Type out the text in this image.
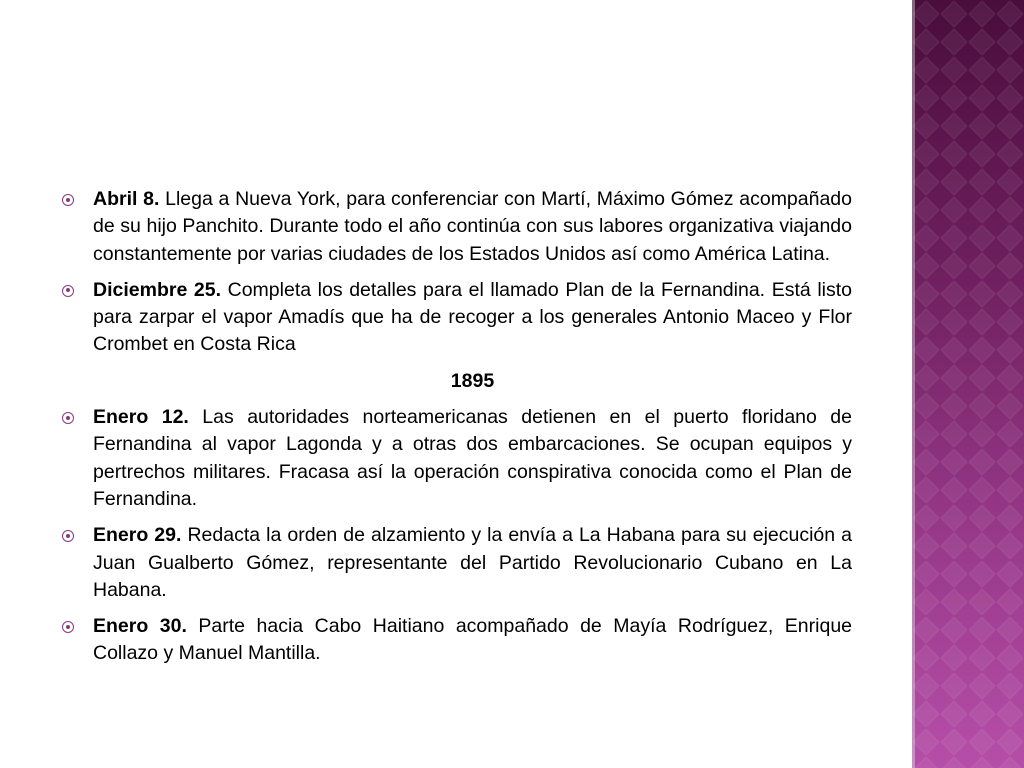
Abril 8. Llega a Nueva York, para conferenciar con Martí, Máximo Gómez acompañado de su hijo Panchito. Durante todo el año continúa con sus labores organizativa viajando constantemente por varias ciudades de los Estados Unidos así como América Latina.
Diciembre 25. Completa los detalles para el llamado Plan de la Fernandina. Está listo para zarpar el vapor Amadís que ha de recoger a los generales Antonio Maceo y Flor Crombet en Costa Rica
1895
Enero 12. Las autoridades norteamericanas detienen en el puerto floridano de Fernandina al vapor Lagonda y a otras dos embarcaciones. Se ocupan equipos y pertrechos militares. Fracasa así la operación conspirativa conocida como el Plan de Fernandina.
Enero 29. Redacta la orden de alzamiento y la envía a La Habana para su ejecución a Juan Gualberto Gómez, representante del Partido Revolucionario Cubano en La Habana.
Enero 30. Parte hacia Cabo Haitiano acompañado de Mayía Rodríguez, Enrique Collazo y Manuel Mantilla.
